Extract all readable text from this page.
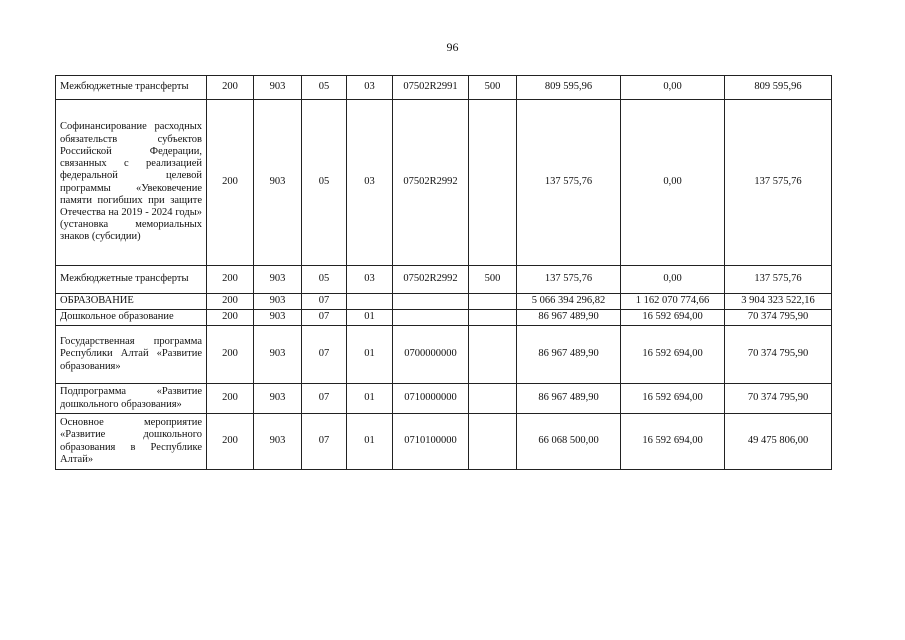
96
Межбюджетные трансферты	200	903	05	03	07502R2991	500	809 595,96	0,00	809 595,96
Софинансирование расходных обязательств субъектов Российской Федерации, связанных с реализацией федеральной целевой программы «Увековечение памяти погибших при защите Отечества на 2019 - 2024 годы» (установка мемориальных знаков (субсидии)	200	903	05	03	07502R2992		137 575,76	0,00	137 575,76
Межбюджетные трансферты	200	903	05	03	07502R2992	500	137 575,76	0,00	137 575,76
ОБРАЗОВАНИЕ	200	903	07				5 066 394 296,82	1 162 070 774,66	3 904 323 522,16
Дошкольное образование	200	903	07	01			86 967 489,90	16 592 694,00	70 374 795,90
Государственная программа Республики Алтай «Развитие образования»	200	903	07	01	0700000000		86 967 489,90	16 592 694,00	70 374 795,90
Подпрограмма «Развитие дошкольного образования»	200	903	07	01	0710000000		86 967 489,90	16 592 694,00	70 374 795,90
Основное мероприятие «Развитие дошкольного образования в Республике Алтай»	200	903	07	01	0710100000		66 068 500,00	16 592 694,00	49 475 806,00
